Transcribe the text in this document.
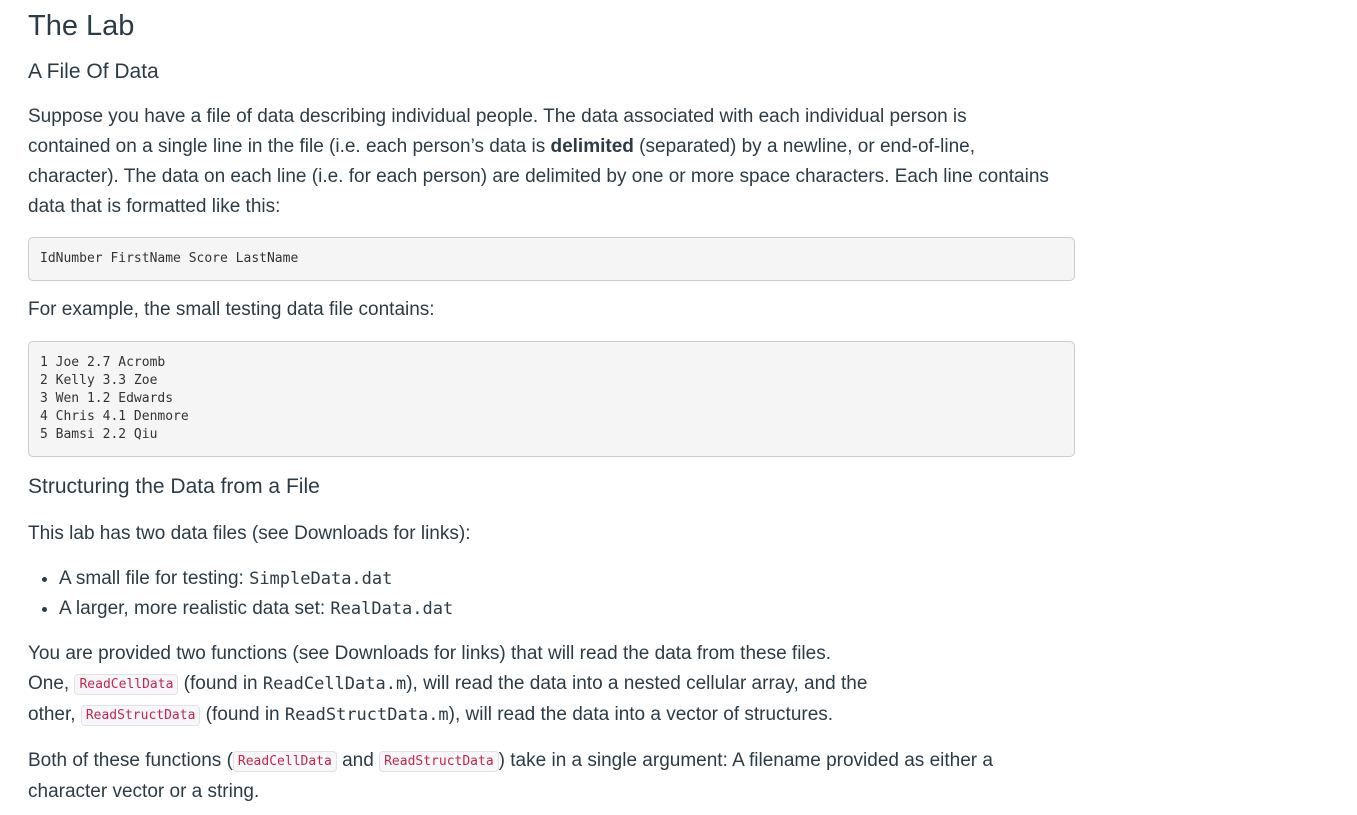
The Lab
A File Of Data

Suppose you have a file of data describing individual people. The data associated with each individual person is
contained on a single line in the file (i.e. each person’s data is delimited (separated) by a newline, or end-of-line,
character). The data on each line (i.e. for each person) are delimited by one or more space characters. Each line contains
data that is formatted like this:

IdNumber FirstName Score LastName

For example, the small testing data file contains:

1 Joe 2.7 Acromb
2 Kelly 3.3 Zoe
3 Wen 1.2 Edwards
4 Chris 4.1 Denmore
5 Bamsi 2.2 Qiu
Structuring the Data from a File

This lab has two data files (see Downloads for links):

• A small file for testing: SimpleData.dat
• A larger, more realistic data set: RealData.dat

You are provided two functions (see Downloads for links) that will read the data from these files.
One, ReadCellData (found in ReadCellData.m), will read the data into a nested cellular array, and the
other, ReadStructData (found in ReadStructData.m), will read the data into a vector of structures.

Both of these functions ( ReadCellData and ReadStructData ) take in a single argument: A filename provided as either a
character vector or a string.
